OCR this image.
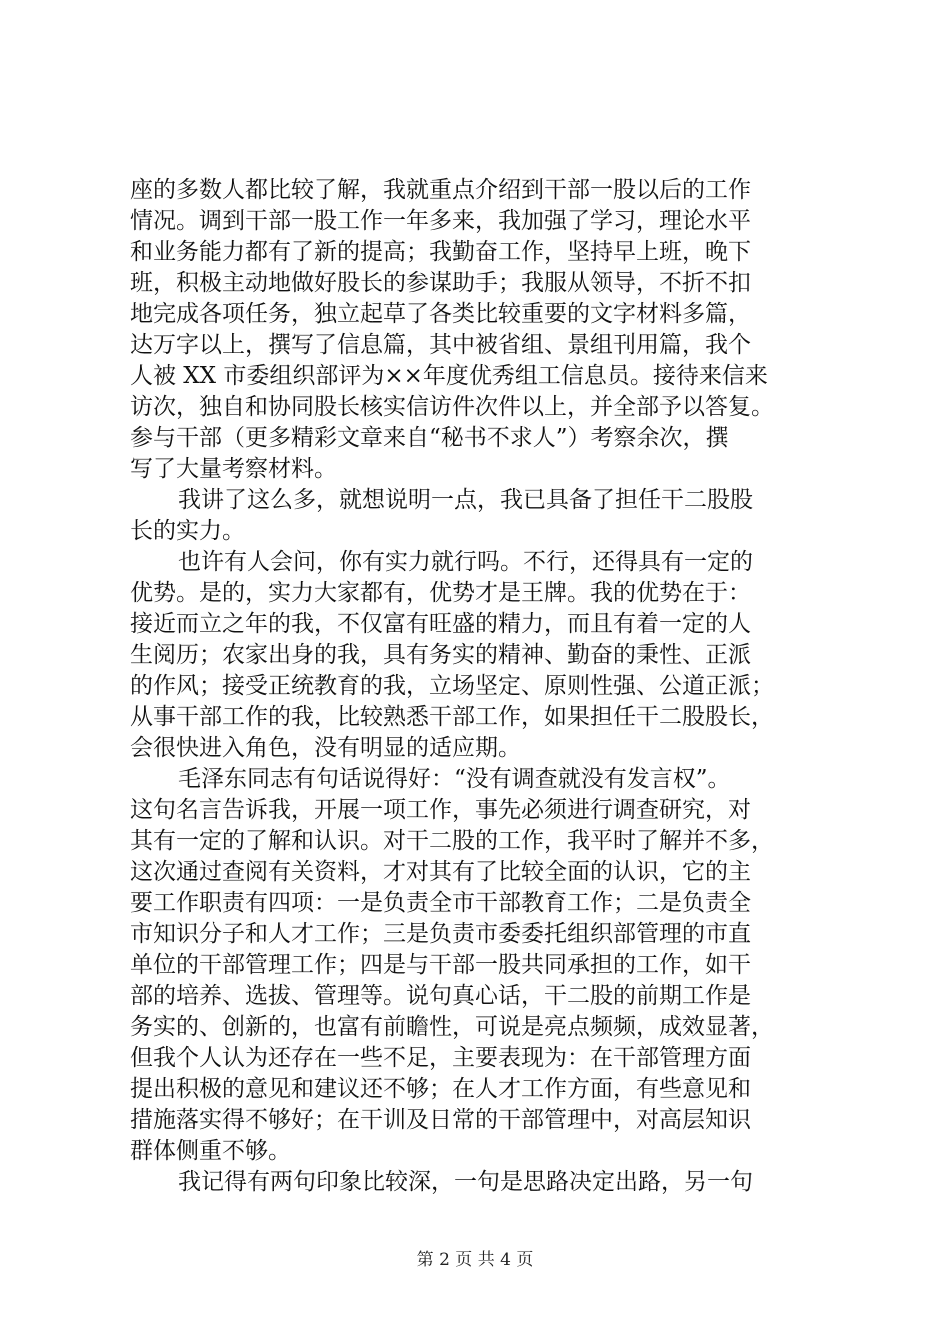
座的多数人都比较了解，我就重点介绍到干部一股以后的工作
情况。调到干部一股工作一年多来，我加强了学习，理论水平
和业务能力都有了新的提高；我勤奋工作，坚持早上班，晚下
班，积极主动地做好股长的参谋助手；我服从领导，不折不扣
地完成各项任务，独立起草了各类比较重要的文字材料多篇，
达万字以上，撰写了信息篇，其中被省组、景组刊用篇，我个
人被 XX 市委组织部评为××年度优秀组工信息员。接待来信来
访次，独自和协同股长核实信访件次件以上，并全部予以答复。
参与干部（更多精彩文章来自“秘书不求人”）考察余次，撰
写了大量考察材料。
我讲了这么多，就想说明一点，我已具备了担任干二股股
长的实力。
也许有人会问，你有实力就行吗。不行，还得具有一定的
优势。是的，实力大家都有，优势才是王牌。我的优势在于：
接近而立之年的我，不仅富有旺盛的精力，而且有着一定的人
生阅历；农家出身的我，具有务实的精神、勤奋的秉性、正派
的作风；接受正统教育的我，立场坚定、原则性强、公道正派；
从事干部工作的我，比较熟悉干部工作，如果担任干二股股长，
会很快进入角色，没有明显的适应期。
毛泽东同志有句话说得好：“没有调查就没有发言权”。
这句名言告诉我，开展一项工作，事先必须进行调查研究，对
其有一定的了解和认识。对干二股的工作，我平时了解并不多，
这次通过查阅有关资料，才对其有了比较全面的认识，它的主
要工作职责有四项：一是负责全市干部教育工作；二是负责全
市知识分子和人才工作；三是负责市委委托组织部管理的市直
单位的干部管理工作；四是与干部一股共同承担的工作，如干
部的培养、选拔、管理等。说句真心话，干二股的前期工作是
务实的、创新的，也富有前瞻性，可说是亮点频频，成效显著，
但我个人认为还存在一些不足，主要表现为：在干部管理方面
提出积极的意见和建议还不够；在人才工作方面，有些意见和
措施落实得不够好；在干训及日常的干部管理中，对高层知识
群体侧重不够。
我记得有两句印象比较深，一句是思路决定出路，另一句
第 2 页 共 4 页
